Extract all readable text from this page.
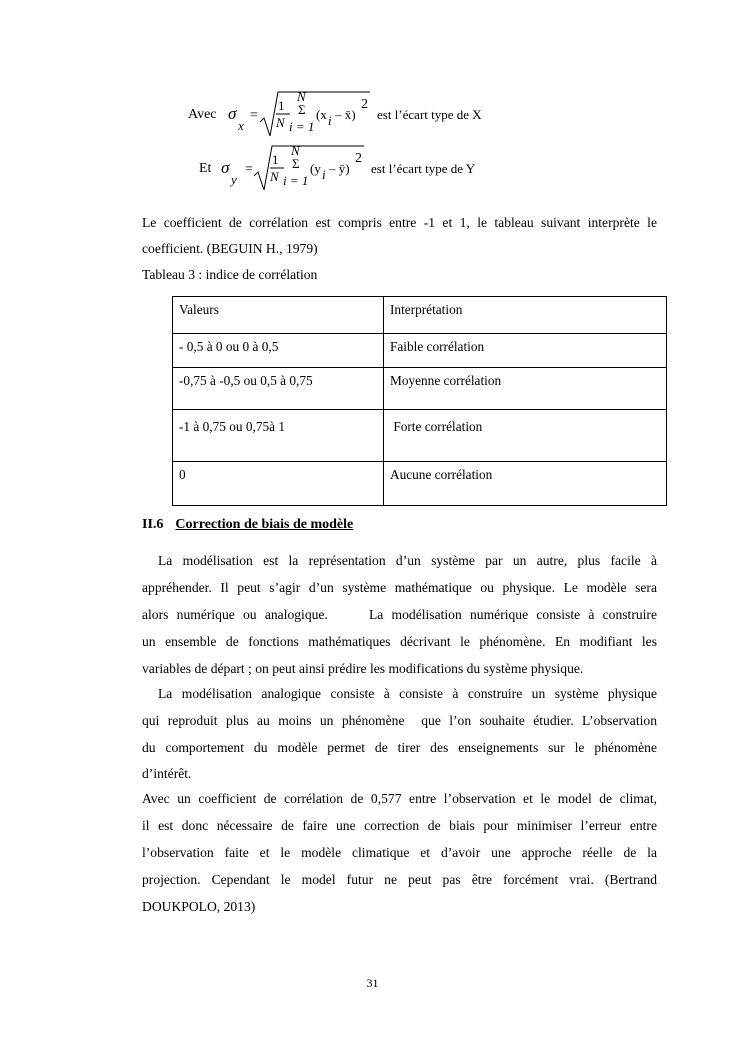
Avec σ
x
=
1
N
N
Σ
i = 1
(x i – x̄)
2
est l’écart type de X
Et σ
y
=
1
N
N
Σ
i = 1
(y i – ȳ)
2
est l’écart type de Y
Le coefficient de corrélation est compris entre -1 et 1, le tableau suivant interprète le
coefficient. (BEGUIN H., 1979)
Tableau 3 : indice de corrélation
Valeurs	Interprétation
- 0,5 à 0 ou 0 à 0,5	Faible corrélation
-0,75 à -0,5 ou 0,5 à 0,75	Moyenne corrélation
-1 à 0,75 ou 0,75à 1	Forte corrélation
0	Aucune corrélation
II.6 Correction de biais de modèle
La modélisation est la représentation d’un système par un autre, plus facile à
appréhender. Il peut s’agir d’un système mathématique ou physique. Le modèle sera
alors numérique ou analogique.     La modélisation numérique consiste à construire
un ensemble de fonctions mathématiques décrivant le phénomène. En modifiant les
variables de départ ; on peut ainsi prédire les modifications du système physique.
La modélisation analogique consiste à consiste à construire un système physique
qui reproduit plus au moins un phénomène  que l’on souhaite étudier. L’observation
du comportement du modèle permet de tirer des enseignements sur le phénomène
d’intérêt.
Avec un coefficient de corrélation de 0,577 entre l’observation et le model de climat,
il est donc nécessaire de faire une correction de biais pour minimiser l’erreur entre
l’observation faite et le modèle climatique et d’avoir une approche réelle de la
projection. Cependant le model futur ne peut pas être forcément vrai. (Bertrand
DOUKPOLO, 2013)
31
